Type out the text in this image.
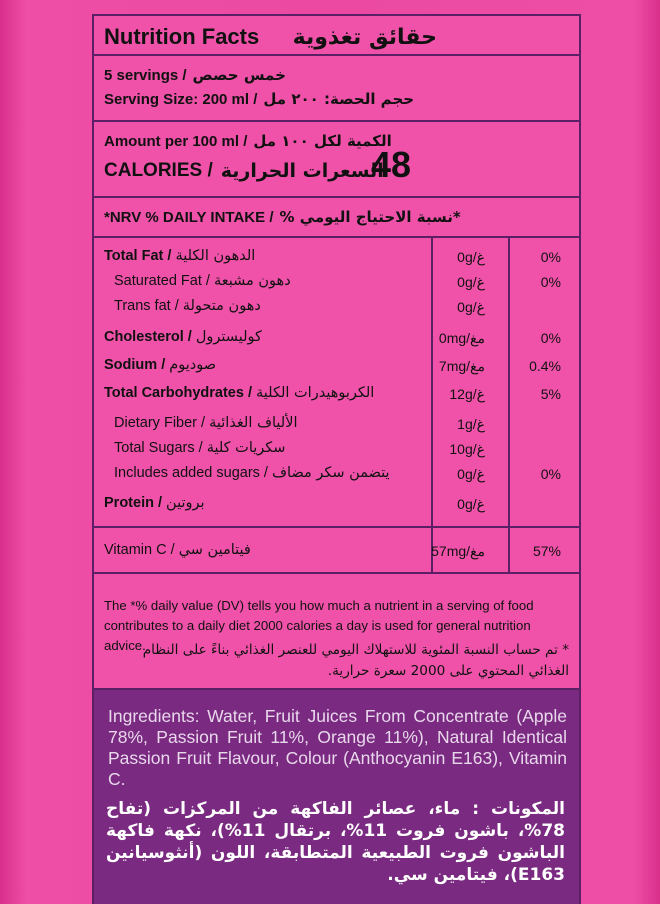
Nutrition Facts حقائق تغذوية
5 servings / خمس حصص
Serving Size: 200 ml / حجم الحصة: ٢٠٠ مل
Amount per 100 ml / الكمية لكل ١٠٠ مل
CALORIES / السعرات الحرارية
48
*NRV % DAILY INTAKE / *نسبة الاحتياج اليومي %
Total Fat / الدهون الكلية	0g/غ	0%
Saturated Fat / دهون مشبعة	0g/غ	0%
Trans fat / دهون متحولة	0g/غ
Cholesterol / كوليسترول	0mg/مغ	0%
Sodium / صوديوم	7mg/مغ	0.4%
Total Carbohydrates / الكربوهيدرات الكلية	12g/غ	5%
Dietary Fiber / الألياف الغذائية	1g/غ
Total Sugars / سكريات كلية	10g/غ
Includes added sugars / يتضمن سكر مضاف	0g/غ	0%
Protein / بروتين	0g/غ
Vitamin C / فيتامين سي	57mg/مغ	57%
The *% daily value (DV) tells you how much a nutrient in a serving of food contributes to a daily diet 2000 calories a day is used for general nutrition advice.
* تم حساب النسبة المئوية للاستهلاك اليومي للعنصر الغذائي بناءً على النظام الغذائي المحتوي على 2000 سعرة حرارية.
Ingredients: Water, Fruit Juices From Concentrate (Apple 78%, Passion Fruit 11%, Orange 11%), Natural Identical Passion Fruit Flavour, Colour (Anthocyanin E163), Vitamin C.
المكونات : ماء، عصائر الفاكهة من المركزات (تفاح 78%، باشون فروت 11%، برتقال 11%)، نكهة فاكهة الباشون فروت الطبيعية المتطابقة، اللون (أنثوسيانين E163)، فيتامين سي.
